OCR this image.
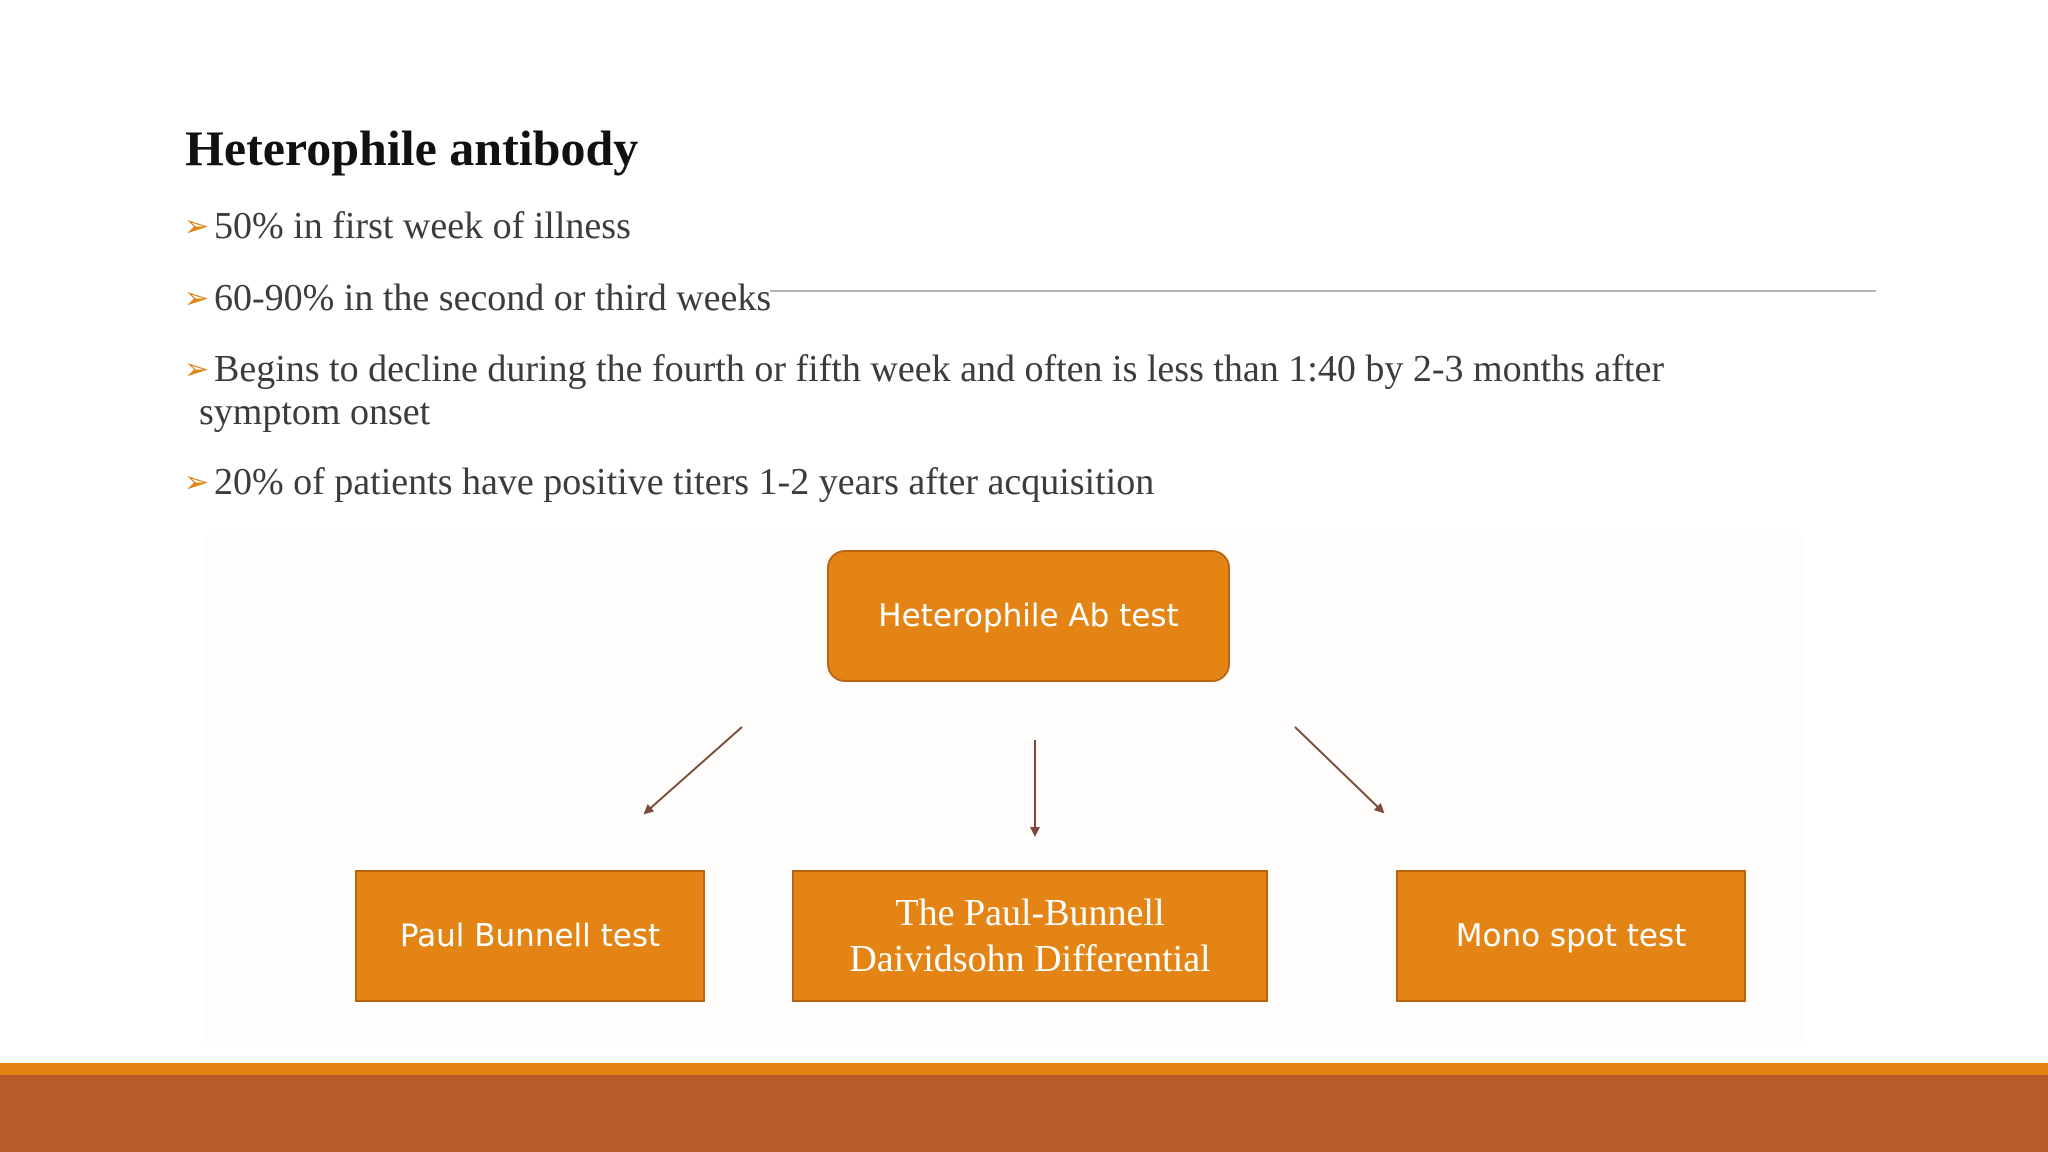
Heterophile antibody
➢ 50% in first week of illness
➢ 60-90% in the second or third weeks
➢ Begins to decline during the fourth or fifth week and often is less than 1:40 by 2-3 months after
symptom onset
➢ 20% of patients have positive titers 1-2 years after acquisition
Heterophile Ab test
Paul Bunnell test
The Paul-Bunnell
Daividsohn Differential
Mono spot test
